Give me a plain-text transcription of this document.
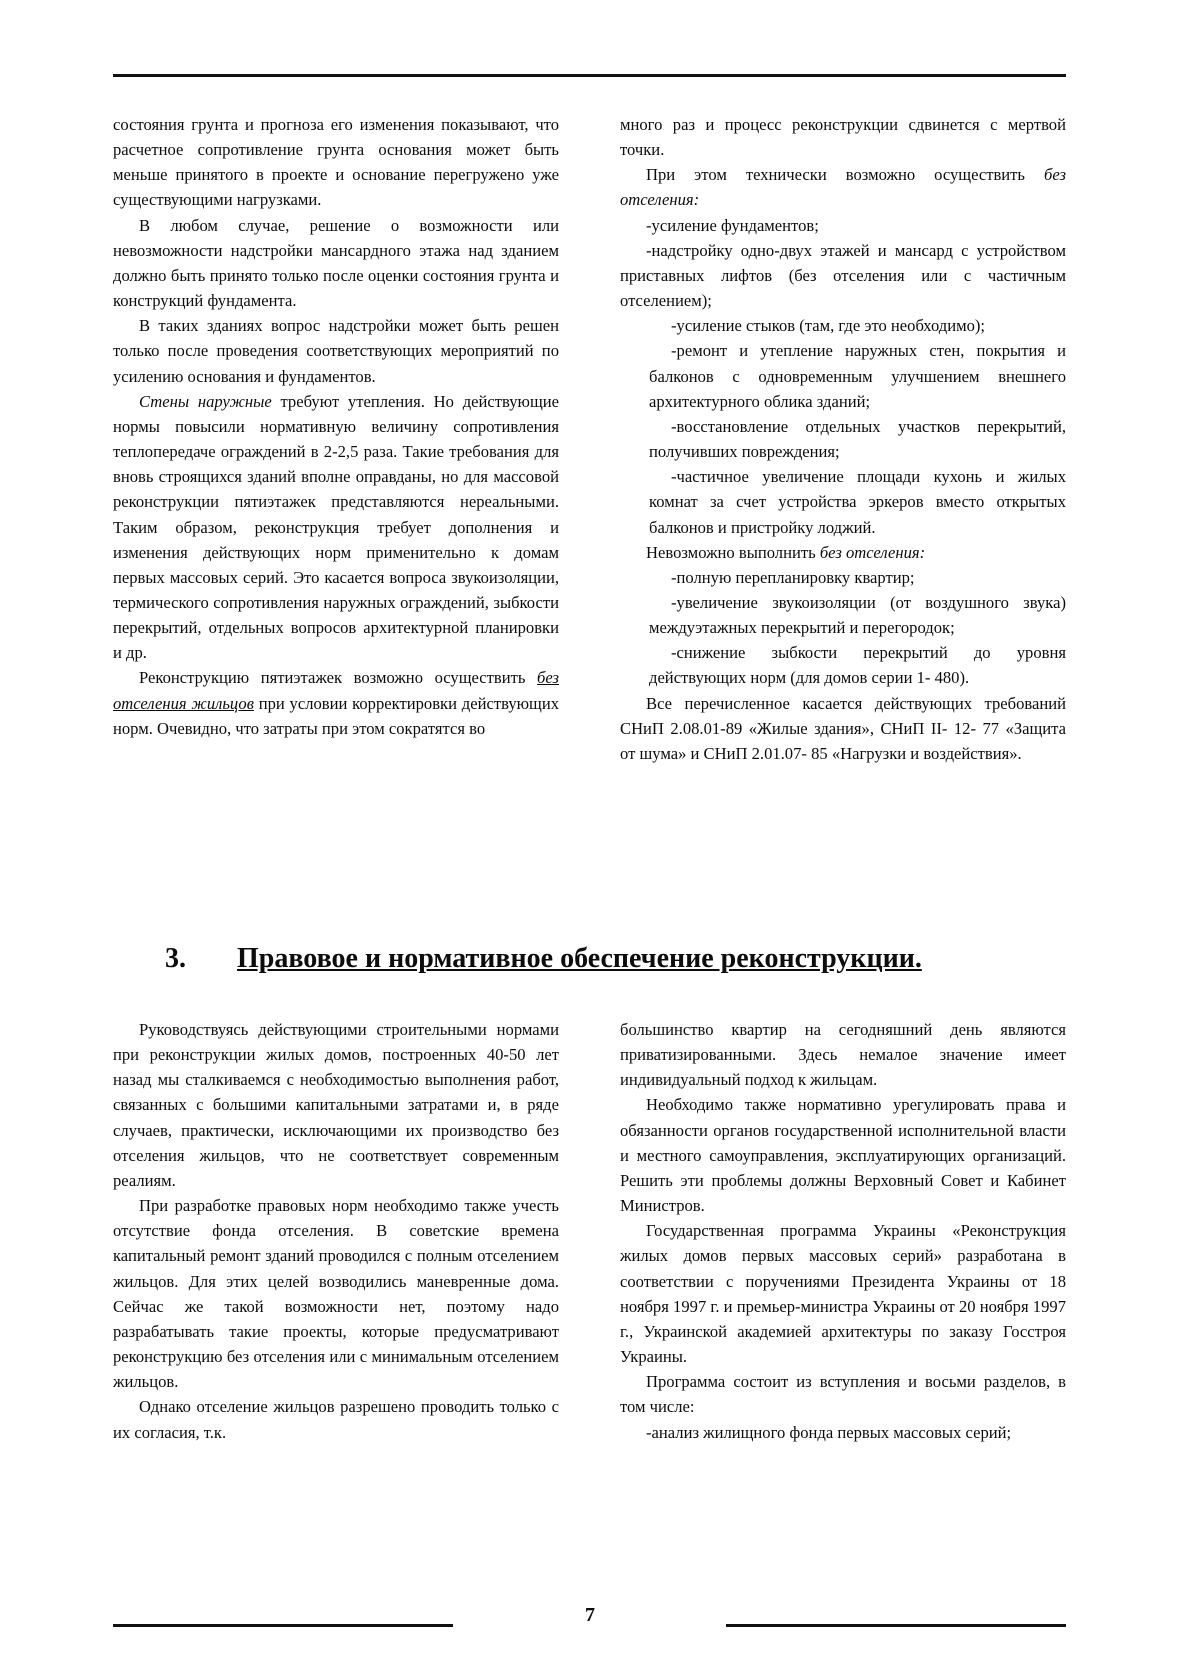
состояния грунта и прогноза его изменения показывают, что расчетное сопротивление грунта основания может быть меньше принятого в проекте и основание перегружено уже существующими нагрузками.

В любом случае, решение о возможности или невозможности надстройки мансардного этажа над зданием должно быть принято только после оценки состояния грунта и конструкций фундамента.

В таких зданиях вопрос надстройки может быть решен только после проведения соответствующих мероприятий по усилению основания и фундаментов.

Стены наружные требуют утепления. Но действующие нормы повысили нормативную величину сопротивления теплопередаче ограждений в 2-2,5 раза. Такие требования для вновь строящихся зданий вполне оправданы, но для массовой реконструкции пятиэтажек представляются нереальными. Таким образом, реконструкция требует дополнения и изменения действующих норм применительно к домам первых массовых серий. Это касается вопроса звукоизоляции, термического сопротивления наружных ограждений, зыбкости перекрытий, отдельных вопросов архитектурной планировки и др.

Реконструкцию пятиэтажек возможно осуществить без отселения жильцов при условии корректировки действующих норм. Очевидно, что затраты при этом сократятся во

много раз и процесс реконструкции сдвинется с мертвой точки.

При этом технически возможно осуществить без отселения:

-усиление фундаментов;

-надстройку одно-двух этажей и мансард с устройством приставных лифтов (без отселения или с частичным отселением);

-усиление стыков (там, где это необходимо);

-ремонт и утепление наружных стен, покрытия и балконов с одновременным улучшением внешнего архитектурного облика зданий;

-восстановление отдельных участков перекрытий, получивших повреждения;

-частичное увеличение площади кухонь и жилых комнат за счет устройства эркеров вместо открытых балконов и пристройку лоджий.

Невозможно выполнить без отселения:

-полную перепланировку квартир;

-увеличение звукоизоляции (от воздушного звука) междуэтажных перекрытий и перегородок;

-снижение зыбкости перекрытий до уровня действующих норм (для домов серии 1- 480).

Все перечисленное касается действующих требований СНиП 2.08.01-89 «Жилые здания», СНиП II- 12- 77 «Защита от шума» и СНиП 2.01.07- 85 «Нагрузки и воздействия».

3. Правовое и нормативное обеспечение реконструкции.

Руководствуясь действующими строительными нормами при реконструкции жилых домов, построенных 40-50 лет назад мы сталкиваемся с необходимостью выполнения работ, связанных с большими капитальными затратами и, в ряде случаев, практически, исключающими их производство без отселения жильцов, что не соответствует современным реалиям.

При разработке правовых норм необходимо также учесть отсутствие фонда отселения. В советские времена капитальный ремонт зданий проводился с полным отселением жильцов. Для этих целей возводились маневренные дома. Сейчас же такой возможности нет, поэтому надо разрабатывать такие проекты, которые предусматривают реконструкцию без отселения или с минимальным отселением жильцов.

Однако отселение жильцов разрешено проводить только с их согласия, т.к.

большинство квартир на сегодняшний день являются приватизированными. Здесь немалое значение имеет индивидуальный подход к жильцам.

Необходимо также нормативно урегулировать права и обязанности органов государственной исполнительной власти и местного самоуправления, эксплуатирующих организаций. Решить эти проблемы должны Верховный Совет и Кабинет Министров.

Государственная программа Украины «Реконструкция жилых домов первых массовых серий» разработана в соответствии с поручениями Президента Украины от 18 ноября 1997 г. и премьер-министра Украины от 20 ноября 1997 г., Украинской академией архитектуры по заказу Госстроя Украины.

Программа состоит из вступления и восьми разделов, в том числе:

-анализ жилищного фонда первых массовых серий;

7
